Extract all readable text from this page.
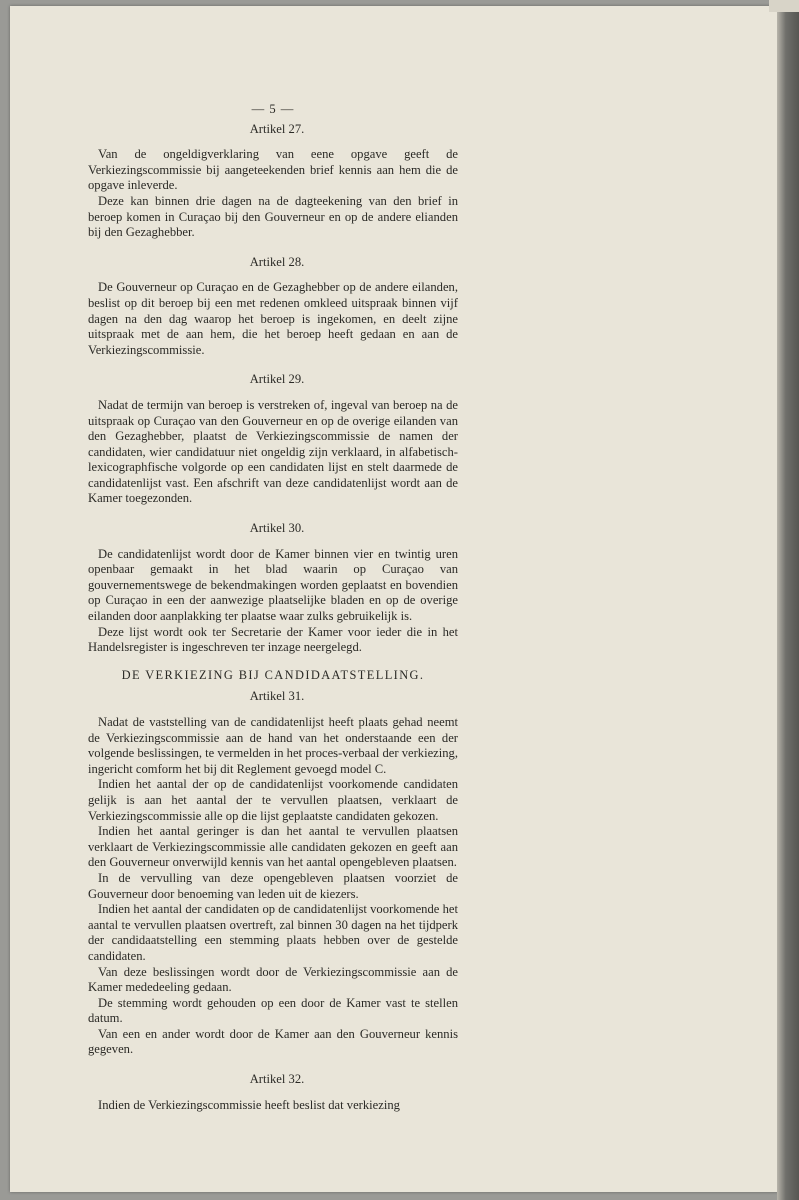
— 5 —
Artikel 27.

Van de ongeldigverklaring van eene opgave geeft de Verkiezingscommissie bij aangeteekenden brief kennis aan hem die de opgave inleverde.

Deze kan binnen drie dagen na de dagteekening van den brief in beroep komen in Curaçao bij den Gouverneur en op de andere elianden bij den Gezaghebber.

Artikel 28.

De Gouverneur op Curaçao en de Gezaghebber op de andere eilanden, beslist op dit beroep bij een met redenen omkleed uitspraak binnen vijf dagen na den dag waarop het beroep is ingekomen, en deelt zijne uitspraak met de aan hem, die het beroep heeft gedaan en aan de Verkiezingscommissie.

Artikel 29.

Nadat de termijn van beroep is verstreken of, ingeval van beroep na de uitspraak op Curaçao van den Gouverneur en op de overige eilanden van den Gezaghebber, plaatst de Verkiezingscommissie de namen der candidaten, wier candidatuur niet ongeldig zijn verklaard, in alfabetisch-lexicographfische volgorde op een candidaten lijst en stelt daarmede de candidatenlijst vast. Een afschrift van deze candidatenlijst wordt aan de Kamer toegezonden.

Artikel 30.

De candidatenlijst wordt door de Kamer binnen vier en twintig uren openbaar gemaakt in het blad waarin op Curaçao van gouvernementswege de bekendmakingen worden geplaatst en bovendien op Curaçao in een der aanwezige plaatselijke bladen en op de overige eilanden door aanplakking ter plaatse waar zulks gebruikelijk is.

Deze lijst wordt ook ter Secretarie der Kamer voor ieder die in het Handelsregister is ingeschreven ter inzage neergelegd.

DE VERKIEZING BIJ CANDIDAATSTELLING.
Artikel 31.

Nadat de vaststelling van de candidatenlijst heeft plaats gehad neemt de Verkiezingscommissie aan de hand van het onderstaande een der volgende beslissingen, te vermelden in het proces-verbaal der verkiezing, ingericht comform het bij dit Reglement gevoegd model C.

Indien het aantal der op de candidatenlijst voorkomende candidaten gelijk is aan het aantal der te vervullen plaatsen, verklaart de Verkiezingscommissie alle op die lijst geplaatste candidaten gekozen.

Indien het aantal geringer is dan het aantal te vervullen plaatsen verklaart de Verkiezingscommissie alle candidaten gekozen en geeft aan den Gouverneur onverwijld kennis van het aantal opengebleven plaatsen.

In de vervulling van deze opengebleven plaatsen voorziet de Gouverneur door benoeming van leden uit de kiezers.

Indien het aantal der candidaten op de candidatenlijst voorkomende het aantal te vervullen plaatsen overtreft, zal binnen 30 dagen na het tijdperk der candidaatstelling een stemming plaats hebben over de gestelde candidaten.

Van deze beslissingen wordt door de Verkiezingscommissie aan de Kamer mededeeling gedaan.

De stemming wordt gehouden op een door de Kamer vast te stellen datum.

Van een en ander wordt door de Kamer aan den Gouverneur kennis gegeven.

Artikel 32.

Indien de Verkiezingscommissie heeft beslist dat verkiezing
